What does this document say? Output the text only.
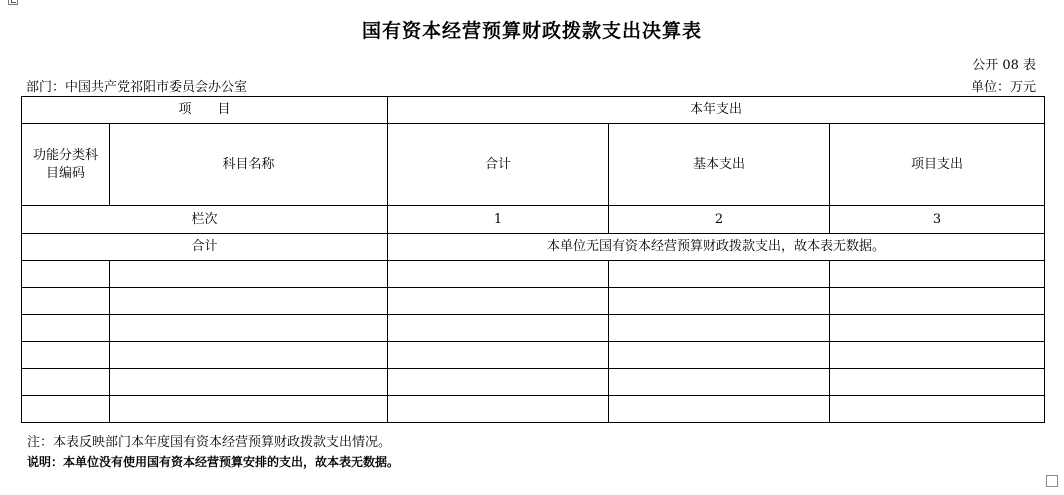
国有资本经营预算财政拨款支出决算表
公开 08 表
部门：中国共产党祁阳市委员会办公室	单位：万元
项 目		本年支出		
功能分类科目编码	科目名称	合计	基本支出	项目支出
栏次		1	2	3
合计		本单位无国有资本经营预算财政拨款支出，故本表无数据。		

注：本表反映部门本年度国有资本经营预算财政拨款支出情况。
说明：本单位没有使用国有资本经营预算安排的支出，故本表无数据。
